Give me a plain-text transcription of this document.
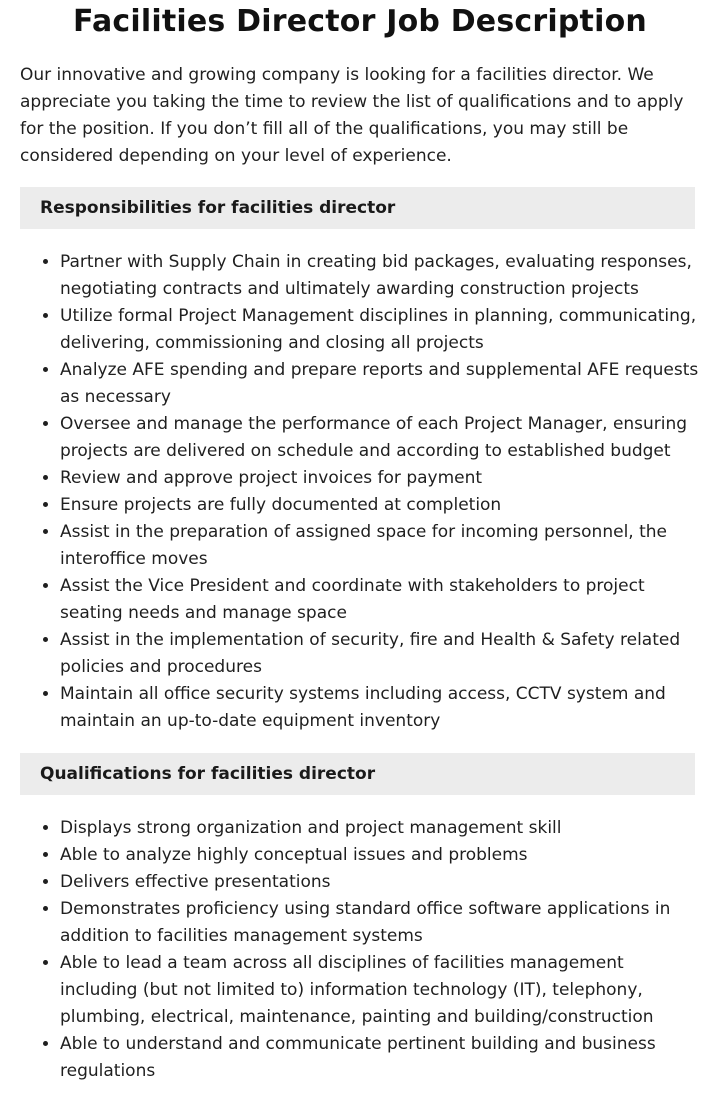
Facilities Director Job Description

Our innovative and growing company is looking for a facilities director. We appreciate you taking the time to review the list of qualifications and to apply for the position. If you don’t fill all of the qualifications, you may still be considered depending on your level of experience.

Responsibilities for facilities director
• Partner with Supply Chain in creating bid packages, evaluating responses, negotiating contracts and ultimately awarding construction projects
• Utilize formal Project Management disciplines in planning, communicating, delivering, commissioning and closing all projects
• Analyze AFE spending and prepare reports and supplemental AFE requests as necessary
• Oversee and manage the performance of each Project Manager, ensuring projects are delivered on schedule and according to established budget
• Review and approve project invoices for payment
• Ensure projects are fully documented at completion
• Assist in the preparation of assigned space for incoming personnel, the interoffice moves
• Assist the Vice President and coordinate with stakeholders to project seating needs and manage space
• Assist in the implementation of security, fire and Health & Safety related policies and procedures
• Maintain all office security systems including access, CCTV system and maintain an up-to-date equipment inventory
Qualifications for facilities director
• Displays strong organization and project management skill
• Able to analyze highly conceptual issues and problems
• Delivers effective presentations
• Demonstrates proficiency using standard office software applications in addition to facilities management systems
• Able to lead a team across all disciplines of facilities management including (but not limited to) information technology (IT), telephony, plumbing, electrical, maintenance, painting and building/construction
• Able to understand and communicate pertinent building and business regulations
